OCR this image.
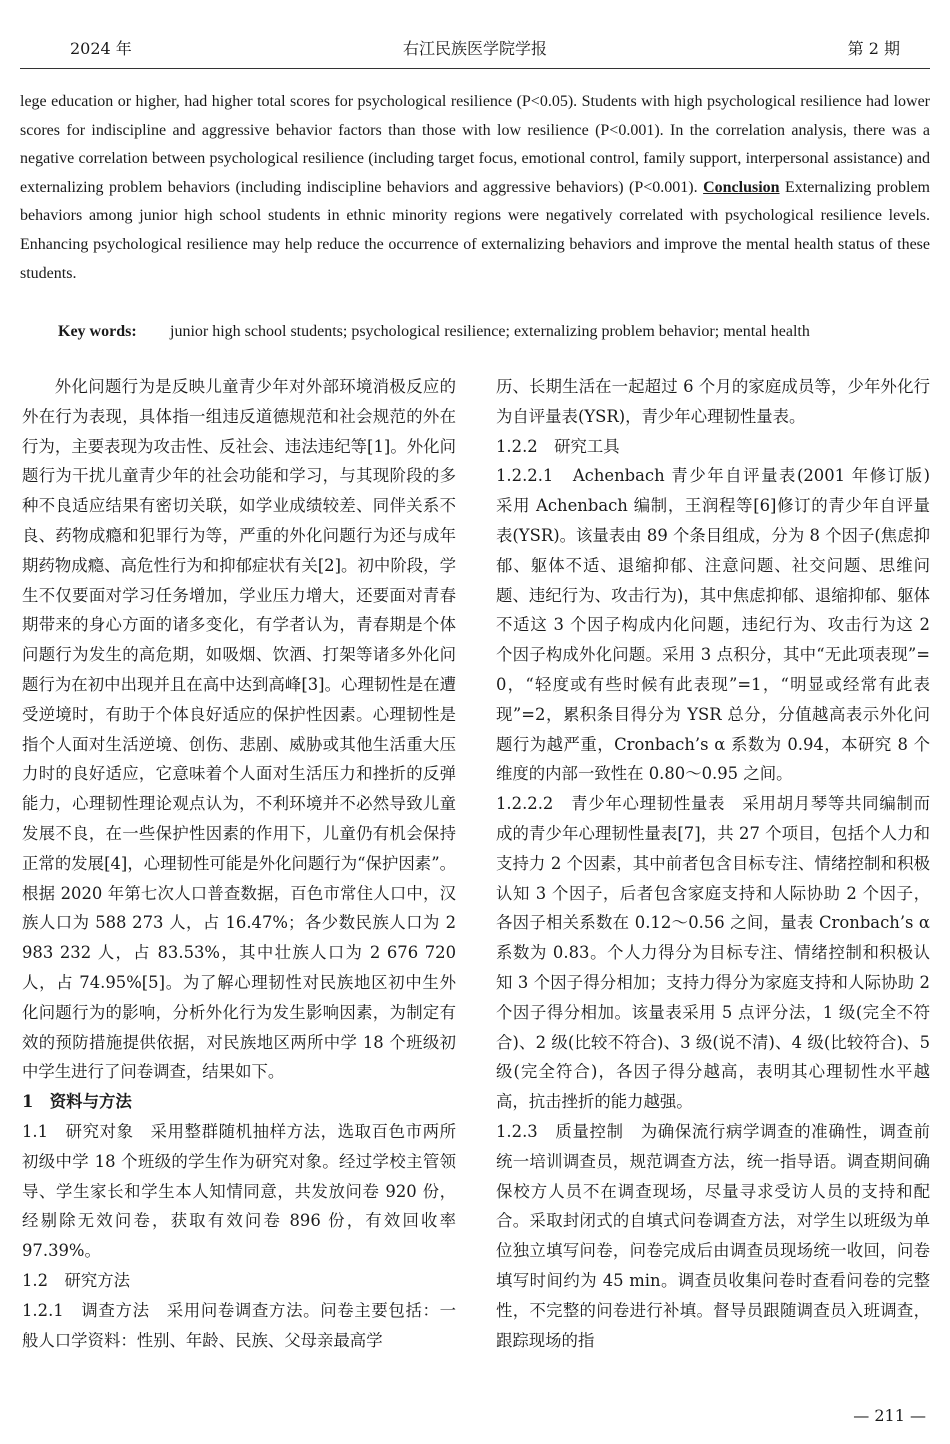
2024 年	右江民族医学院学报	第 2 期
lege education or higher, had higher total scores for psychological resilience (P<0.05). Students with high psychological resilience had lower scores for indiscipline and aggressive behavior factors than those with low resilience (P<0.001). In the correlation analysis, there was a negative correlation between psychological resilience (including target focus, emotional control, family support, interpersonal assistance) and externalizing problem behaviors (including indiscipline behaviors and aggressive behaviors) (P<0.001). Conclusion Externalizing problem behaviors among junior high school students in ethnic minority regions were negatively correlated with psychological resilience levels. Enhancing psychological resilience may help reduce the occurrence of externalizing behaviors and improve the mental health status of these students.
Key words: junior high school students; psychological resilience; externalizing problem behavior; mental health

外化问题行为是反映儿童青少年对外部环境消极反应的外在行为表现，具体指一组违反道德规范和社会规范的外在行为，主要表现为攻击性、反社会、违法违纪等[1]。外化问题行为干扰儿童青少年的社会功能和学习，与其现阶段的多种不良适应结果有密切关联，如学业成绩较差、同伴关系不良、药物成瘾和犯罪行为等，严重的外化问题行为还与成年期药物成瘾、高危性行为和抑郁症状有关[2]。初中阶段，学生不仅要面对学习任务增加，学业压力增大，还要面对青春期带来的身心方面的诸多变化，有学者认为，青春期是个体问题行为发生的高危期，如吸烟、饮酒、打架等诸多外化问题行为在初中出现并且在高中达到高峰[3]。心理韧性是在遭受逆境时，有助于个体良好适应的保护性因素。心理韧性是指个人面对生活逆境、创伤、悲剧、威胁或其他生活重大压力时的良好适应，它意味着个人面对生活压力和挫折的反弹能力，心理韧性理论观点认为，不利环境并不必然导致儿童发展不良，在一些保护性因素的作用下，儿童仍有机会保持正常的发展[4]，心理韧性可能是外化问题行为“保护因素”。根据 2020 年第七次人口普查数据，百色市常住人口中，汉族人口为 588 273 人，占 16.47%；各少数民族人口为 2 983 232 人，占 83.53%，其中壮族人口为 2 676 720 人，占 74.95%[5]。为了解心理韧性对民族地区初中生外化问题行为的影响，分析外化行为发生影响因素，为制定有效的预防措施提供依据，对民族地区两所中学 18 个班级初中学生进行了问卷调查，结果如下。

1　资料与方法

1.1　研究对象　采用整群随机抽样方法，选取百色市两所初级中学 18 个班级的学生作为研究对象。经过学校主管领导、学生家长和学生本人知情同意，共发放问卷 920 份，经剔除无效问卷，获取有效问卷 896 份，有效回收率 97.39%。

1.2　研究方法

1.2.1　调查方法　采用问卷调查方法。问卷主要包括：一般人口学资料：性别、年龄、民族、父母亲最高学

历、长期生活在一起超过 6 个月的家庭成员等，少年外化行为自评量表(YSR)，青少年心理韧性量表。

1.2.2　研究工具

1.2.2.1　Achenbach 青少年自评量表(2001 年修订版)　采用 Achenbach 编制，王润程等[6]修订的青少年自评量表(YSR)。该量表由 89 个条目组成，分为 8 个因子(焦虑抑郁、躯体不适、退缩抑郁、注意问题、社交问题、思维问题、违纪行为、攻击行为)，其中焦虑抑郁、退缩抑郁、躯体不适这 3 个因子构成内化问题，违纪行为、攻击行为这 2 个因子构成外化问题。采用 3 点积分，其中“无此项表现”= 0，“轻度或有些时候有此表现”=1，“明显或经常有此表现”=2，累积条目得分为 YSR 总分，分值越高表示外化问题行为越严重，Cronbach’s α 系数为 0.94，本研究 8 个维度的内部一致性在 0.80～0.95 之间。

1.2.2.2　青少年心理韧性量表　采用胡月琴等共同编制而成的青少年心理韧性量表[7]，共 27 个项目，包括个人力和支持力 2 个因素，其中前者包含目标专注、情绪控制和积极认知 3 个因子，后者包含家庭支持和人际协助 2 个因子，各因子相关系数在 0.12～0.56 之间，量表 Cronbach’s α 系数为 0.83。个人力得分为目标专注、情绪控制和积极认知 3 个因子得分相加；支持力得分为家庭支持和人际协助 2 个因子得分相加。该量表采用 5 点评分法，1 级(完全不符合)、2 级(比较不符合)、3 级(说不清)、4 级(比较符合)、5 级(完全符合)，各因子得分越高，表明其心理韧性水平越高，抗击挫折的能力越强。

1.2.3　质量控制　为确保流行病学调查的准确性，调查前统一培训调查员，规范调查方法，统一指导语。调查期间确保校方人员不在调查现场，尽量寻求受访人员的支持和配合。采取封闭式的自填式问卷调查方法，对学生以班级为单位独立填写问卷，问卷完成后由调查员现场统一收回，问卷填写时间约为 45 min。调查员收集问卷时查看问卷的完整性，不完整的问卷进行补填。督导员跟随调查员入班调查，跟踪现场的指

— 211 —
